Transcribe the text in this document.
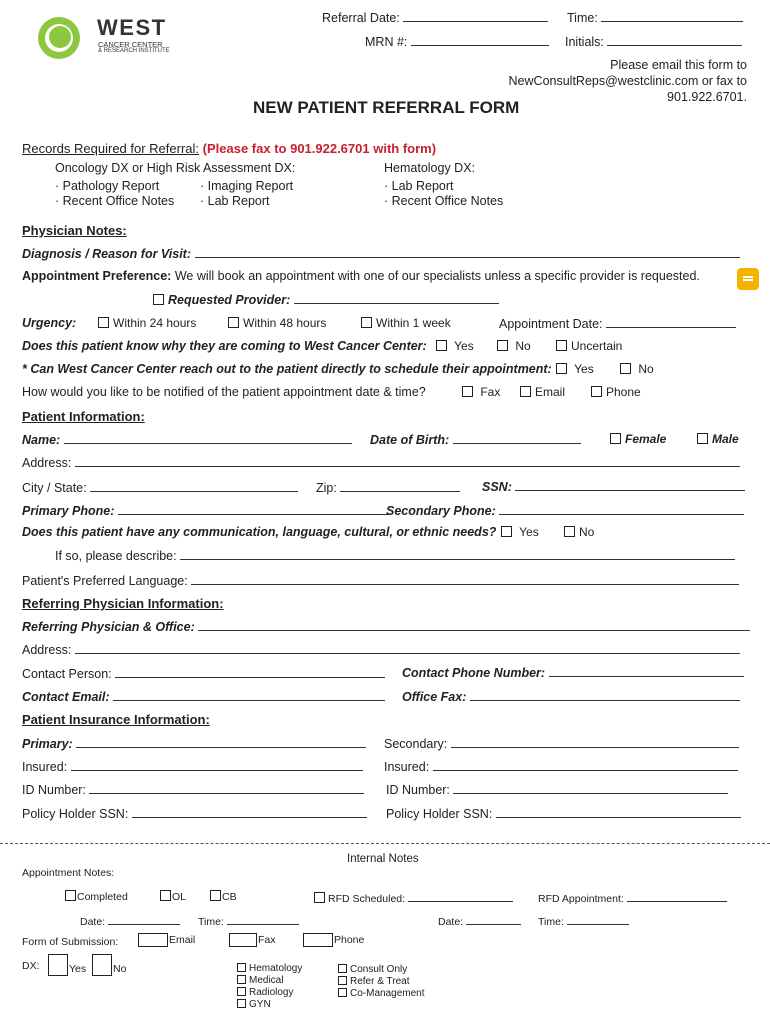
WEST
CANCER CENTER
& RESEARCH INSTITUTE
Referral Date:	Time:
MRN #:	Initials:
Please email this form to
NewConsultReps@westclinic.com or fax to
901.922.6701.
NEW PATIENT REFERRAL FORM
Records Required for Referral: (Please fax to 901.922.6701 with form)
Oncology DX or High Risk Assessment DX:
· Pathology Report	· Imaging Report
· Recent Office Notes · Lab Report
Hematology DX:
· Lab Report
· Recent Office Notes
Physician Notes:
Diagnosis / Reason for Visit:
Appointment Preference: We will book an appointment with one of our specialists unless a specific provider is requested.
Requested Provider:
Urgency:	Within 24 hours	Within 48 hours	Within 1 week	Appointment Date:
Does this patient know why they are coming to West Cancer Center:	Yes	No	Uncertain
* Can West Cancer Center reach out to the patient directly to schedule their appointment:	Yes	No
How would you like to be notified of the patient appointment date & time?	Fax	Email	Phone
Patient Information:
Name:	Date of Birth:	Female	Male
Address:
City / State:	Zip:	SSN:
Primary Phone:	Secondary Phone:
Does this patient have any communication, language, cultural, or ethnic needs?	Yes	No
If so, please describe:
Patient's Preferred Language:
Referring Physician Information:
Referring Physician & Office:
Address:
Contact Person:	Contact Phone Number:
Contact Email:	Office Fax:
Patient Insurance Information:
Primary:	Secondary:
Insured:	Insured:
ID Number:	ID Number:
Policy Holder SSN:	Policy Holder SSN:
Internal Notes
Appointment Notes:
Completed	OL	CB	RFD Scheduled:	RFD Appointment:
Date:	Time:	Date:	Time:
Form of Submission:	Email	Fax	Phone
DX:	Yes	No	Hematology
Medical
Radiology
GYN
Consult Only
Refer & Treat
Co-Management
